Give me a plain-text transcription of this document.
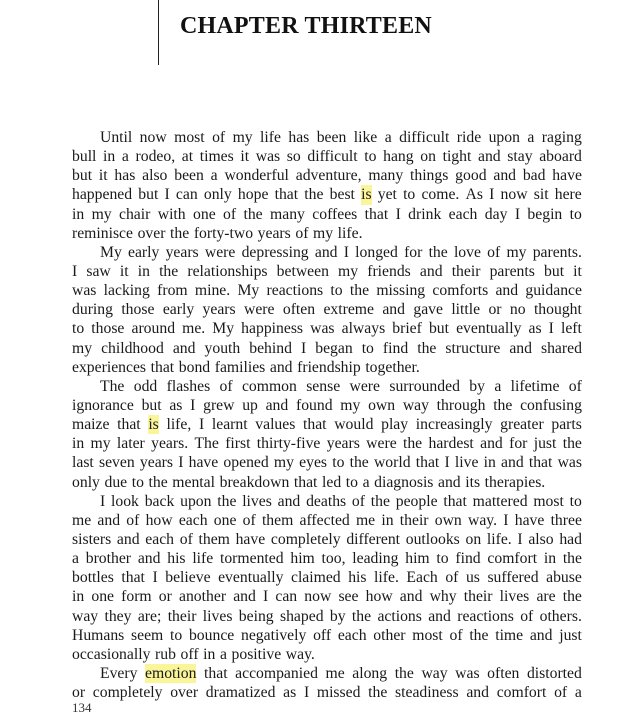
CHAPTER THIRTEEN
Until now most of my life has been like a difficult ride upon a raging
bull in a rodeo, at times it was so difficult to hang on tight and stay aboard
but it has also been a wonderful adventure, many things good and bad have
happened but I can only hope that the best is yet to come. As I now sit here
in my chair with one of the many coffees that I drink each day I begin to
reminisce over the forty-two years of my life.
My early years were depressing and I longed for the love of my parents.
I saw it in the relationships between my friends and their parents but it
was lacking from mine. My reactions to the missing comforts and guidance
during those early years were often extreme and gave little or no thought
to those around me. My happiness was always brief but eventually as I left
my childhood and youth behind I began to find the structure and shared
experiences that bond families and friendship together.
The odd flashes of common sense were surrounded by a lifetime of
ignorance but as I grew up and found my own way through the confusing
maize that is life, I learnt values that would play increasingly greater parts
in my later years. The first thirty-five years were the hardest and for just the
last seven years I have opened my eyes to the world that I live in and that was
only due to the mental breakdown that led to a diagnosis and its therapies.
I look back upon the lives and deaths of the people that mattered most to
me and of how each one of them affected me in their own way. I have three
sisters and each of them have completely different outlooks on life. I also had
a brother and his life tormented him too, leading him to find comfort in the
bottles that I believe eventually claimed his life. Each of us suffered abuse
in one form or another and I can now see how and why their lives are the
way they are; their lives being shaped by the actions and reactions of others.
Humans seem to bounce negatively off each other most of the time and just
occasionally rub off in a positive way.
Every emotion that accompanied me along the way was often distorted
or completely over dramatized as I missed the steadiness and comfort of a
134
